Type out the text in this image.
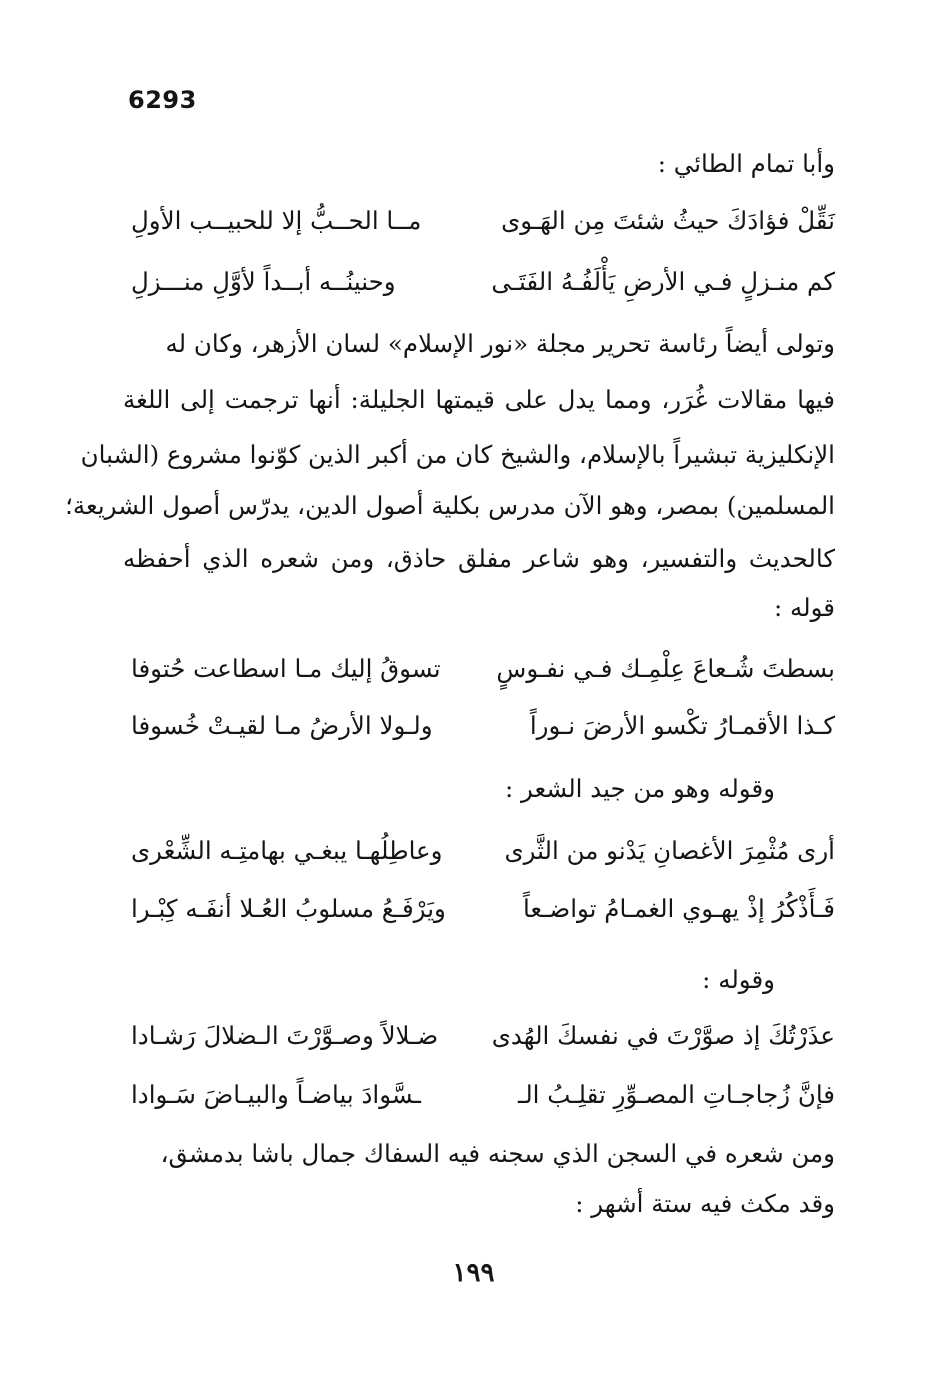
6293
وأبا تمام الطائي :
نَقِّلْ فؤادَكَ حيثُ شئتَ مِن الهَـوى
مــا الحــبُّ إلا للحبيــب الأولِ
كم منـزلٍ فـي الأرضِ يَأْلَفُـهُ الفَتَـى
وحنينُــه أبــداً لأوَّلِ منـــزلِ
وتولى أيضاً رئاسة تحرير مجلة «نور الإسلام» لسان الأزهر، وكان له
فيها مقالات غُرَر، ومما يدل على قيمتها الجليلة: أنها ترجمت إلى اللغة
الإنكليزية تبشيراً بالإسلام، والشيخ كان من أكبر الذين كوّنوا مشروع (الشبان
المسلمين) بمصر، وهو الآن مدرس بكلية أصول الدين، يدرّس أصول الشريعة؛
كالحديث والتفسير، وهو شاعر مفلق حاذق، ومن شعره الذي أحفظه
قوله :
بسطتَ شُـعاعَ عِلْمِـك فـي نفـوسٍ
تسوقُ إليك مـا اسطاعت حُتوفا
كـذا الأقمـارُ تكْسو الأرضَ نـوراً
ولـولا الأرضُ مـا لقيـتْ خُسوفا
وقوله وهو من جيد الشعر :
أرى مُثْمِرَ الأغصانِ يَدْنو من الثَّرى
وعاطِلُهـا يبغـي بهامتِـه الشِّعْرى
فَـأَذْكُرُ إذْ يهـوي الغمـامُ تواضـعاً
ويَرْفَـعُ مسلوبُ العُـلا أنفَـه كِبْـرا
وقوله :
عذَرْتُكَ إذ صوَّرْتَ في نفسكَ الهُدى
ضـلالاً وصـوَّرْتَ الـضلالَ رَشـادا
فإنَّ زُجاجـاتِ المصـوِّرِ تقلِـبُ الـ
ـسَّوادَ بياضـاً والبيـاضَ سَـوادا
ومن شعره في السجن الذي سجنه فيه السفاك جمال باشا بدمشق،
وقد مكث فيه ستة أشهر :
١٩٩
